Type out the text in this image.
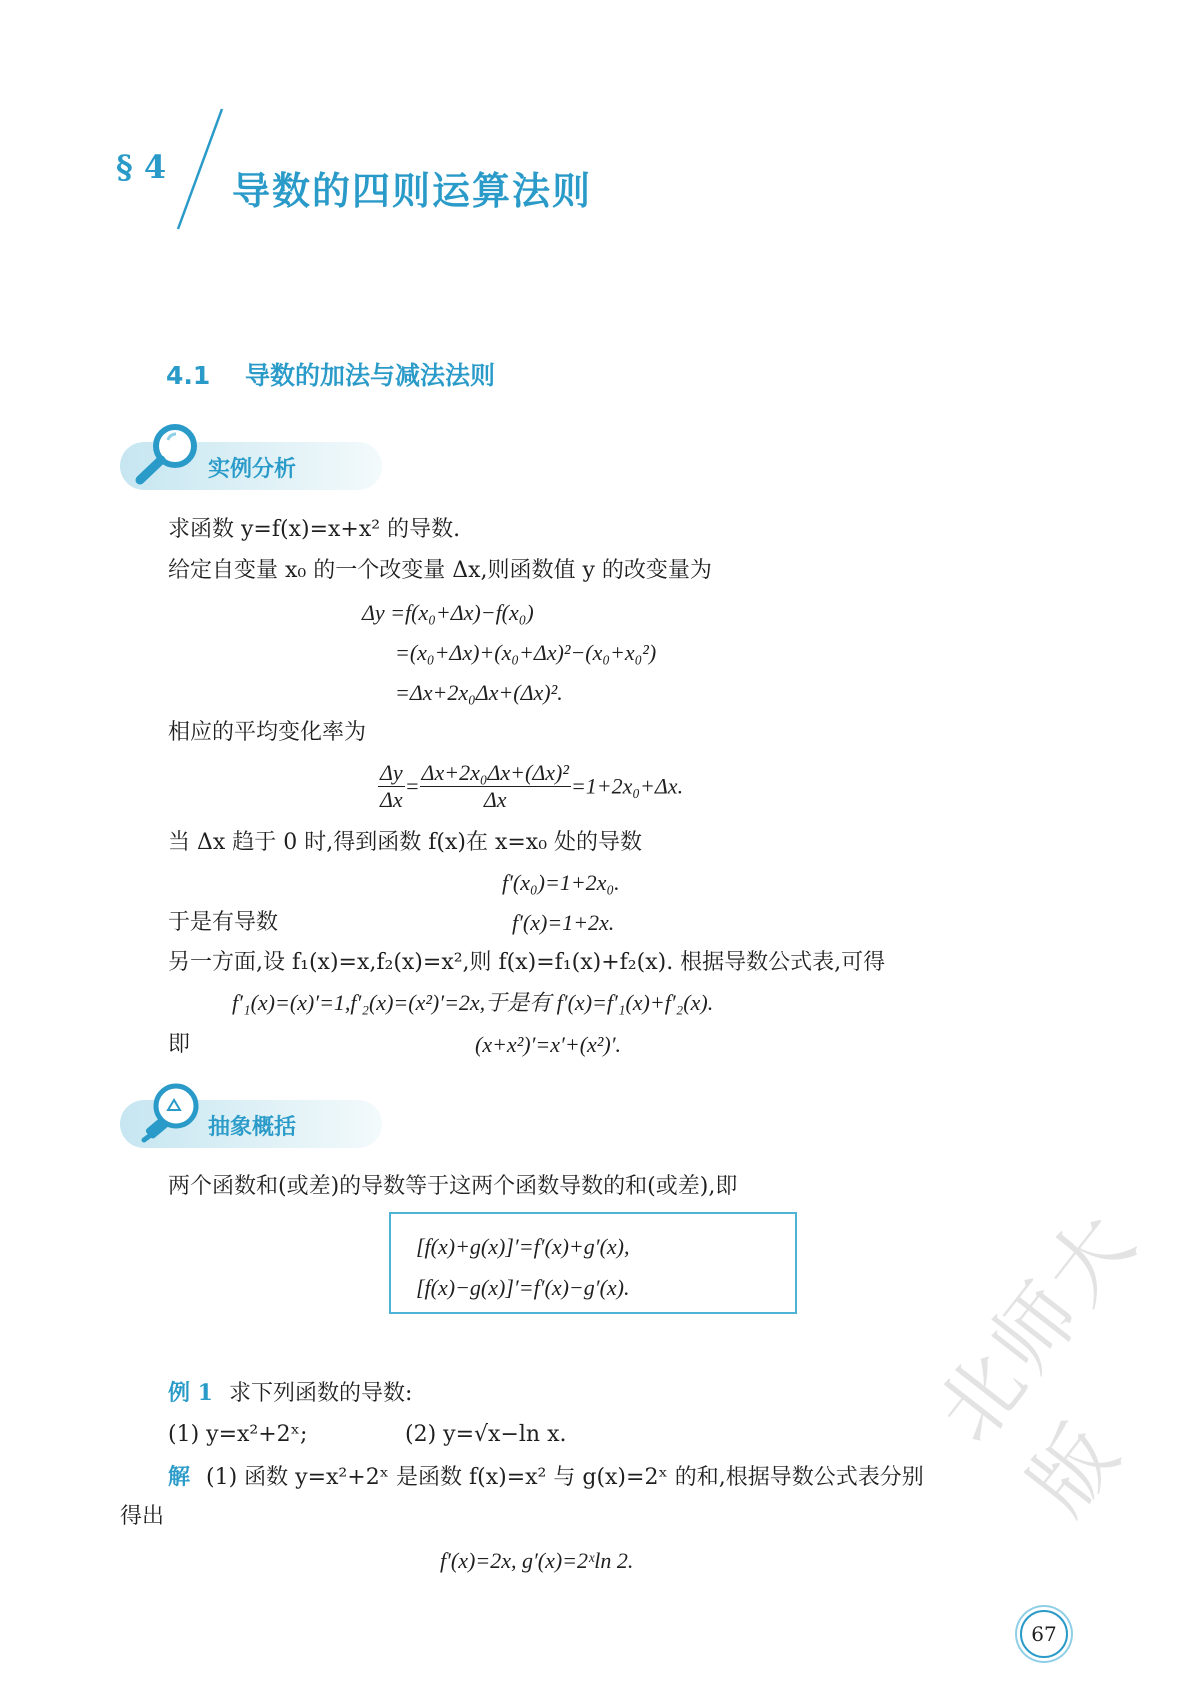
§ 4
导数的四则运算法则
4.1 导数的加法与减法法则
实例分析
求函数 y=f(x)=x+x² 的导数.
给定自变量 x₀ 的一个改变量 Δx,则函数值 y 的改变量为
Δy =f(x₀+Δx)−f(x₀)
=(x₀+Δx)+(x₀+Δx)²−(x₀+x₀²)
=Δx+2x₀Δx+(Δx)².
相应的平均变化率为
$\frac{\Delta y}{\Delta x} = \frac{\text{Δx+2x₀Δx+(Δx)²}}{\Delta x} =1+2x_0+\Delta x$.
当 Δx 趋于 0 时,得到函数 f(x)在 x=x₀ 处的导数
f′(x₀)=1+2x₀.
于是有导数	f′(x)=1+2x.
另一方面,设 f₁(x)=x,f₂(x)=x²,则 f(x)=f₁(x)+f₂(x). 根据导数公式表,可得
f′₁(x)=(x)′=1,f′₂(x)=(x²)′=2x,于是有 f′(x)=f′₁(x)+f′₂(x).
即	(x+x²)′=x′+(x²)′.
抽象概括
两个函数和(或差)的导数等于这两个函数导数的和(或差),即
[f(x)+g(x)]′=f′(x)+g′(x),
[f(x)−g(x)]′=f′(x)−g′(x).
例 1 求下列函数的导数:
(1) y=x²+2ˣ;	(2) y=√x−ln x.
解 (1) 函数 y=x²+2ˣ 是函数 f(x)=x² 与 g(x)=2ˣ 的和,根据导数公式表分别
得出
f′(x)=2x, g′(x)=2ˣln 2.
北师大版
67
